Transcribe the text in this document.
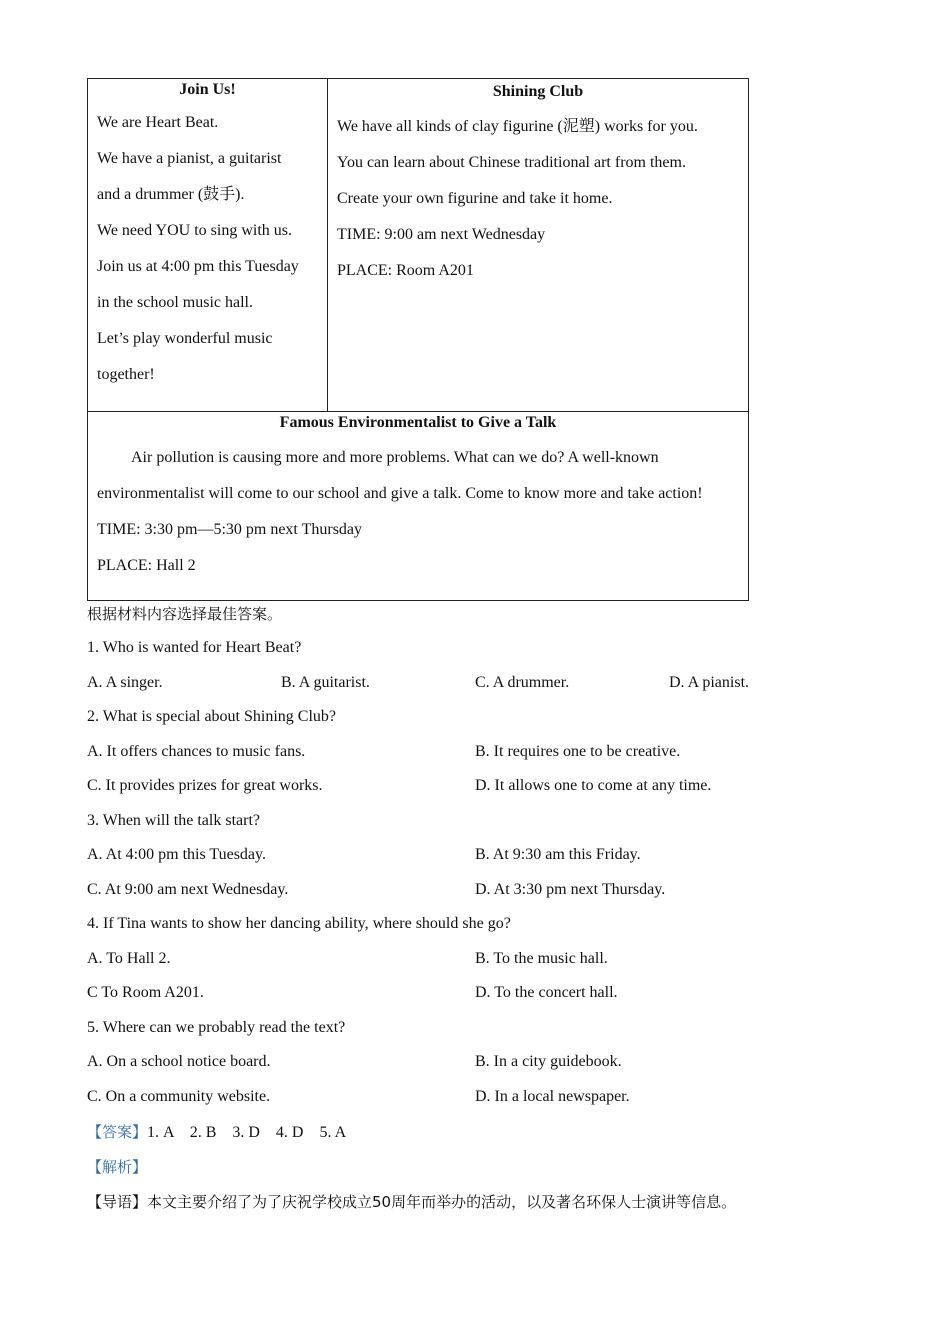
Join Us!
We are Heart Beat.
We have a pianist, a guitarist
and a drummer (鼓手).
We need YOU to sing with us.
Join us at 4:00 pm this Tuesday
in the school music hall.
Let’s play wonderful music
together!

Shining Club
We have all kinds of clay figurine (泥塑) works for you.
You can learn about Chinese traditional art from them.
Create your own figurine and take it home.
TIME: 9:00 am next Wednesday
PLACE: Room A201

Famous Environmentalist to Give a Talk
Air pollution is causing more and more problems. What can we do? A well-known
environmentalist will come to our school and give a talk. Come to know more and take action!
TIME: 3:30 pm—5:30 pm next Thursday
PLACE: Hall 2
根据材料内容选择最佳答案。
1. Who is wanted for Heart Beat?
A. A singer.	B. A guitarist.	C. A drummer.	D. A pianist.
2. What is special about Shining Club?
A. It offers chances to music fans.	B. It requires one to be creative.
C. It provides prizes for great works.	D. It allows one to come at any time.
3. When will the talk start?
A. At 4:00 pm this Tuesday.	B. At 9:30 am this Friday.
C. At 9:00 am next Wednesday.	D. At 3:30 pm next Thursday.
4. If Tina wants to show her dancing ability, where should she go?
A. To Hall 2.	B. To the music hall.
C To Room A201.	D. To the concert hall.
5. Where can we probably read the text?
A. On a school notice board.	B. In a city guidebook.
C. On a community website.	D. In a local newspaper.
【答案】1. A    2. B    3. D    4. D    5. A
【解析】
【导语】本文主要介绍了为了庆祝学校成立50周年而举办的活动，以及著名环保人士演讲等信息。
